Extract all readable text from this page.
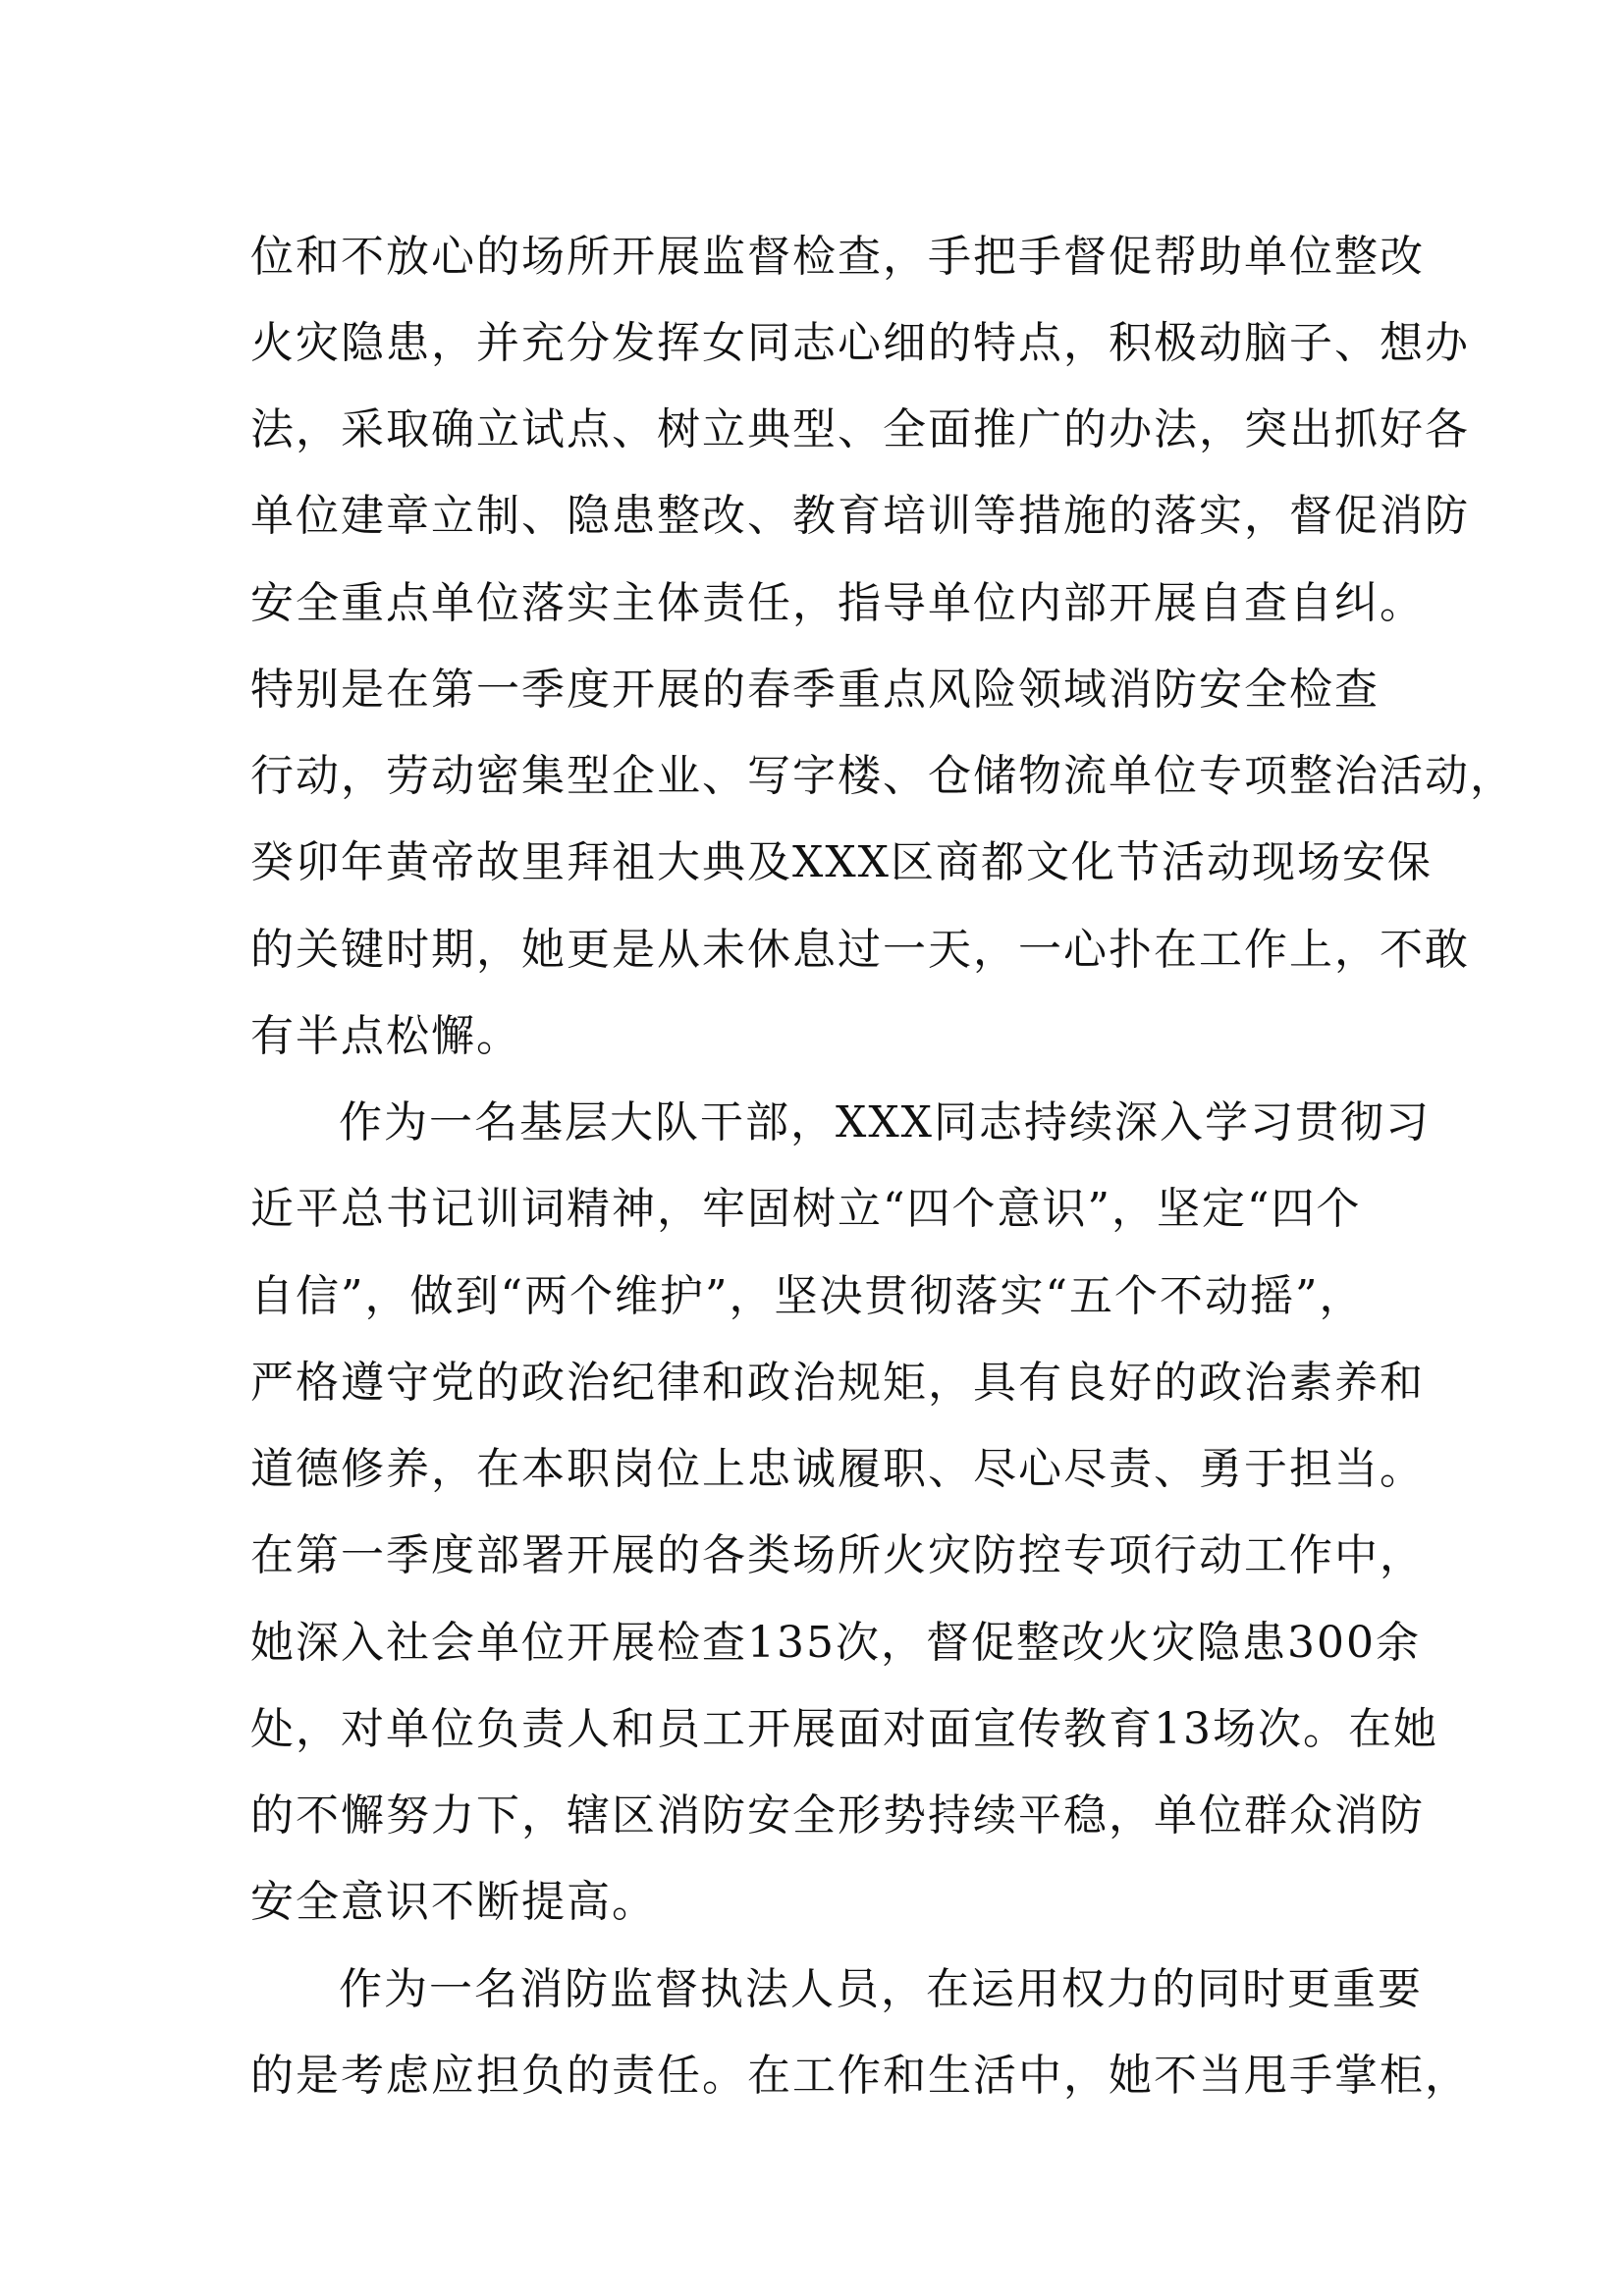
位和不放心的场所开展监督检查，手把手督促帮助单位整改

火灾隐患，并充分发挥女同志心细的特点，积极动脑子、想办

法，采取确立试点、树立典型、全面推广的办法，突出抓好各

单位建章立制、隐患整改、教育培训等措施的落实，督促消防

安全重点单位落实主体责任，指导单位内部开展自查自纠。

特别是在第一季度开展的春季重点风险领域消防安全检查

行动，劳动密集型企业、写字楼、仓储物流单位专项整治活动，

癸卯年黄帝故里拜祖大典及XXX区商都文化节活动现场安保

的关键时期，她更是从未休息过一天，一心扑在工作上，不敢

有半点松懈。

作为一名基层大队干部，XXX同志持续深入学习贯彻习

近平总书记训词精神，牢固树立“四个意识”，坚定“四个

自信”，做到“两个维护”，坚决贯彻落实“五个不动摇”，

严格遵守党的政治纪律和政治规矩，具有良好的政治素养和

道德修养，在本职岗位上忠诚履职、尽心尽责、勇于担当。

在第一季度部署开展的各类场所火灾防控专项行动工作中，

她深入社会单位开展检查135次，督促整改火灾隐患300余

处，对单位负责人和员工开展面对面宣传教育13场次。在她

的不懈努力下，辖区消防安全形势持续平稳，单位群众消防

安全意识不断提高。

作为一名消防监督执法人员，在运用权力的同时更重要

的是考虑应担负的责任。在工作和生活中，她不当甩手掌柜，
